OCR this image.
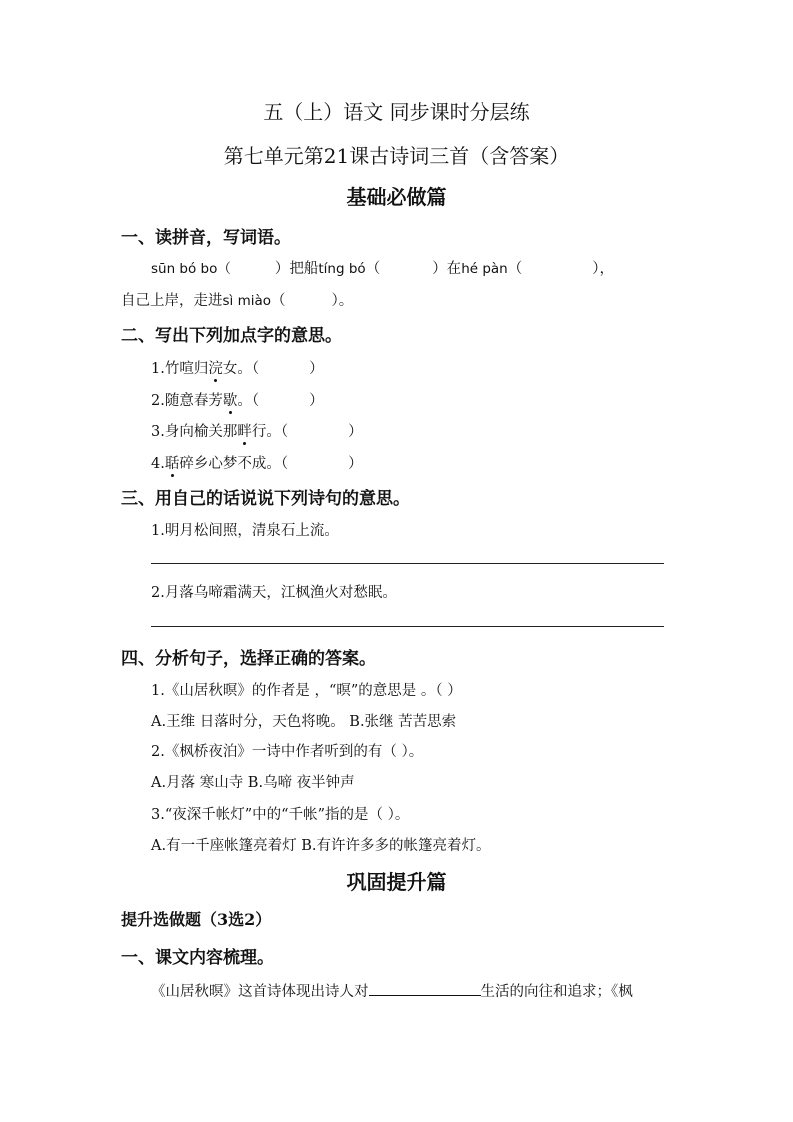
五（上）语文 同步课时分层练
第七单元第21课古诗词三首（含答案）
基础必做篇
一、读拼音，写词语。
sūn bó bo（	）把船tíng bó（	）在hé pàn（	），
自己上岸，走进sì miào（	）。
二、写出下列加点字的意思。
1.竹喧归浣女。（	）
2.随意春芳歇。（	）
3.身向榆关那畔行。（	）
4.聒碎乡心梦不成。（	）
三、用自己的话说说下列诗句的意思。
1.明月松间照，清泉石上流。
2.月落乌啼霜满天，江枫渔火对愁眠。
四、分析句子，选择正确的答案。
1.《山居秋暝》的作者是 ，“暝”的意思是 。（ ）
A.王维 日落时分，天色将晚。 B.张继 苦苦思索
2.《枫桥夜泊》一诗中作者听到的有（ ）。
A.月落 寒山寺 B.乌啼 夜半钟声
3.“夜深千帐灯”中的“千帐”指的是（ ）。
A.有一千座帐篷亮着灯 B.有许许多多的帐篷亮着灯。
巩固提升篇
提升选做题（3选2）
一、课文内容梳理。
《山居秋暝》这首诗体现出诗人对	生活的向往和追求；《枫
